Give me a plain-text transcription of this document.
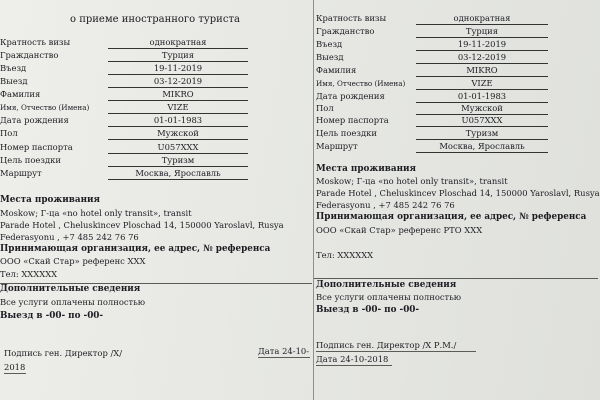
о приеме иностранного туриста
Кратность визы	однократная
Гражданство	Турция
Въезд	19-11-2019
Выезд	03-12-2019
Фамилия	MIKRO
Имя, Отчество (Имена)	VIZE
Дата рождения	01-01-1983
Пол	Мужской
Номер паспорта	U057XXX
Цель поездки	Туризм
Маршрут	Москва, Ярославль
Места проживания
Moskow; Г-ца «no hotel only transit», transit
Parade Hotel , Cheluskincev Ploschad 14, 150000 Yaroslavl, Rusya
Federasyonu , +7 485 242 76 76
Принимающая организация, ее адрес, № референса
ООО «Скай Стар» референс XXX
Тел: XXXXXX
Дополнительные сведения
Все услуги оплачены полностью
Выезд в -00- по -00-
Подпись ген. Директор /X/	Дата 24-10-
2018
Кратность визы	однократная
Гражданство	Турция
Въезд	19-11-2019
Выезд	03-12-2019
Фамилия	MIKRO
Имя, Отчество (Имена)	VIZE
Дата рождения	01-01-1983
Пол	Мужской
Номер паспорта	U057XXX
Цель поездки	Туризм
Маршрут	Москва, Ярославль
Места проживания
Moskow; Г-ца «no hotel only transit», transit
Parade Hotel , Cheluskincev Ploschad 14, 150000 Yaroslavl, Rusya
Federasyonu , +7 485 242 76 76
Принимающая организация, ее адрес, № референса
ООО «Скай Стар» референс РТО XXX
Тел: XXXXXX
Дополнительные сведения
Все услуги оплачены полностью
Выезд в -00- по -00-
Подпись ген. Директор /X Р.М./
Дата 24-10-2018
